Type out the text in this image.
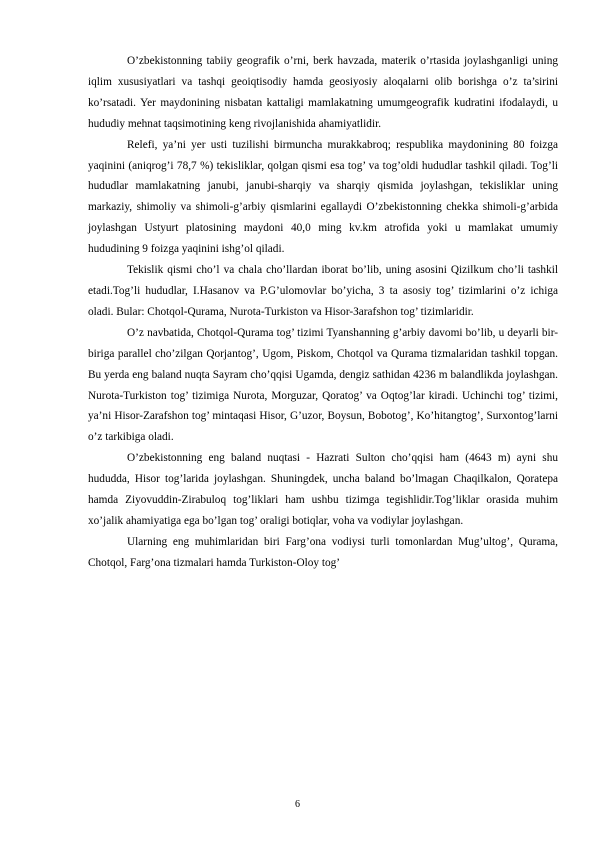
O’zbekistonning tabiiy geografik o’rni, berk havzada, materik o’rtasida joylashganligi uning iqlim xususiyatlari va tashqi geoiqtisodiy hamda geosiyosiy aloqalarni olib borishga o’z ta’sirini ko’rsatadi. Yer maydonining nisbatan kattaligi mamlakatning umumgeografik kudratini ifodalaydi, u hududiy mehnat taqsimotining keng rivojlanishida ahamiyatlidir.

Relefi, ya’ni yer usti tuzilishi birmuncha murakkabroq; respublika maydonining 80 foizga yaqinini (aniqrog’i 78,7 %) tekisliklar, qolgan qismi esa tog’ va tog’oldi hududlar tashkil qiladi. Tog’li hududlar mamlakatning janubi, janubi-sharqiy va sharqiy qismida joylashgan, tekisliklar uning markaziy, shimoliy va shimoli-g’arbiy qismlarini egallaydi O’zbekistonning chekka shimoli-g’arbida joylashgan Ustyurt platosining maydoni 40,0 ming kv.km atrofida yoki u mamlakat umumiy hududining 9 foizga yaqinini ishg’ol qiladi.

Tekislik qismi cho’l va chala cho’llardan iborat bo’lib, uning asosini Qizilkum cho’li tashkil etadi.Tog’li hududlar, I.Hasanov va P.G’ulomovlar bo’yicha, 3 ta asosiy tog’ tizimlarini o’z ichiga oladi. Bular: Chotqol-Qurama, Nurota-Turkiston va Hisor-Зarafshon tog’ tizimlaridir.

O’z navbatida, Chotqol-Qurama tog’ tizimi Tyanshanning g’arbiy davomi bo’lib, u deyarli bir-biriga parallel cho’zilgan Qorjantog’, Ugom, Piskom, Chotqol va Qurama tizmalaridan tashkil topgan. Bu yerda eng baland nuqta Sayram cho’qqisi Ugamda, dengiz sathidan 4236 m balandlikda joylashgan. Nurota-Turkiston tog’ tizimiga Nurota, Morguzar, Qoratog’ va Oqtog’lar kiradi. Uchinchi tog’ tizimi, ya’ni Hisor-Zarafshon tog’ mintaqasi Hisor, G’uzor, Boysun, Bobotog’, Ko’hitangtog’, Surxontog’larni o’z tarkibiga oladi.

O’zbekistonning eng baland nuqtasi - Hazrati Sulton cho’qqisi ham (4643 m) ayni shu hududda, Hisor tog’larida joylashgan. Shuningdek, uncha baland bo’lmagan Chaqilkalon, Qoratepa hamda Ziyovuddin-Zirabuloq tog’liklari ham ushbu tizimga tegishlidir.Tog’liklar orasida muhim xo’jalik ahamiyatiga ega bo’lgan tog’ oraligi botiqlar, voha va vodiylar joylashgan.

Ularning eng muhimlaridan biri Farg’ona vodiysi turli tomonlardan Mug’ultog’, Qurama, Chotqol, Farg’ona tizmalari hamda Turkiston-Oloy tog’

6
